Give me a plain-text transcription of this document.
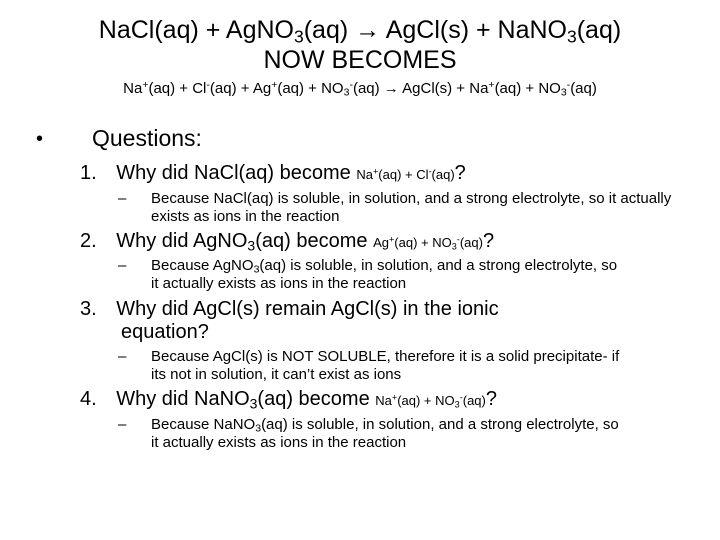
NaCl(aq) + AgNO$_3$(aq) → AgCl(s) + NaNO$_3$(aq)
NOW BECOMES
$Na^+(aq) + Cl^-(aq) + Ag^+(aq) + NO_3^-(aq)$ → AgCl(s) + $Na^+(aq) + NO_3^-(aq)$
• Questions:
1. Why did NaCl(aq) become Na+(aq) + Cl-(aq)?
– Because NaCl(aq) is soluble, in solution, and a strong electrolyte, so it actually exists as ions in the reaction
2. Why did AgNO$_3$(aq) become $Ag^+(aq) + NO_3^-(aq)$?
– Because AgNO$_3$(aq) is soluble, in solution, and a strong electrolyte, so it actually exists as ions in the reaction
3. Why did AgCl(s) remain AgCl(s) in the ionic
equation?
– Because AgCl(s) is NOT SOLUBLE, therefore it is a solid precipitate- if its not in solution, it can’t exist as ions
4. Why did NaNO$_3$(aq) become $Na^+(aq) + NO_3^-(aq)$?
– Because NaNO$_3$(aq) is soluble, in solution, and a strong electrolyte, so it actually exists as ions in the reaction
